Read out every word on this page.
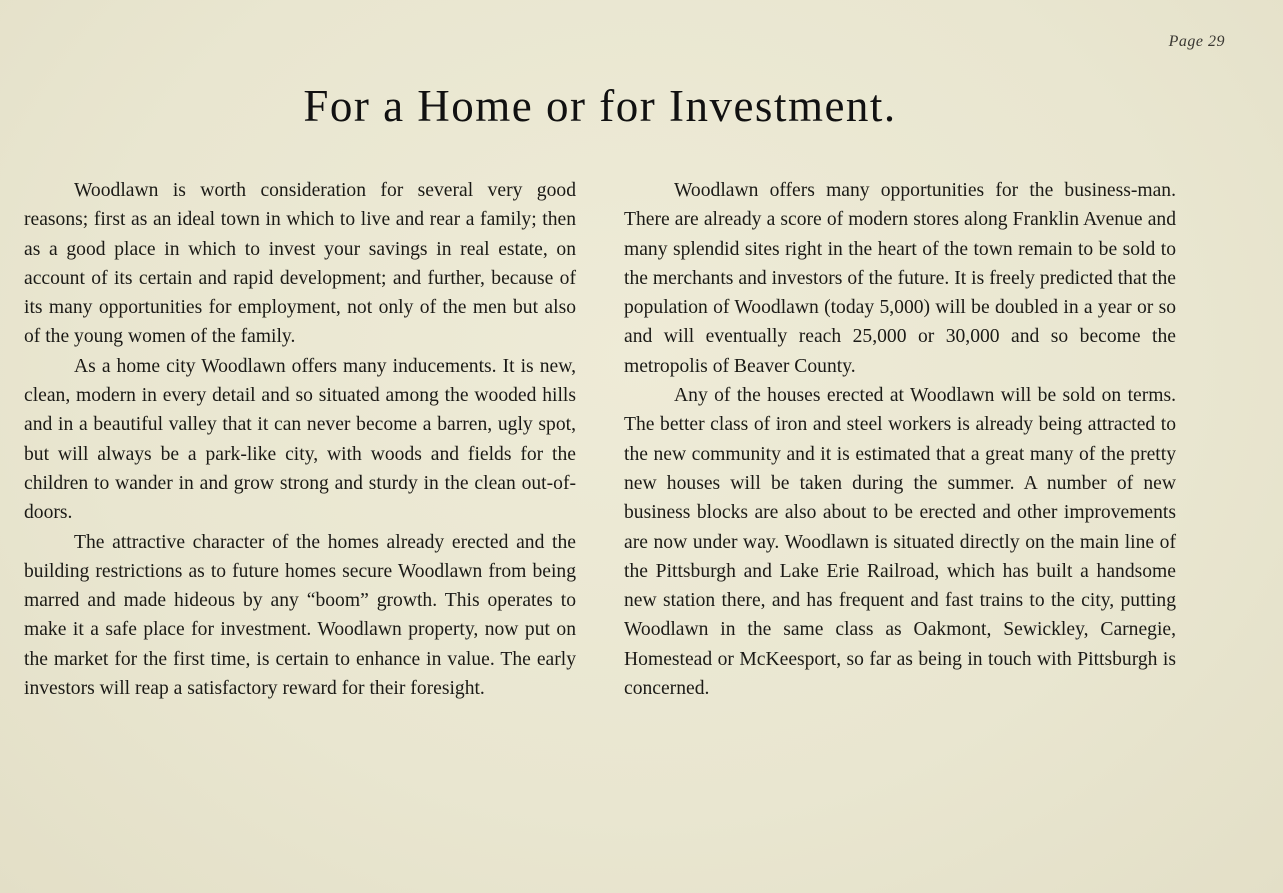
Page 29
For a Home or for Investment.

Woodlawn is worth consideration for several very good reasons; first as an ideal town in which to live and rear a family; then as a good place in which to invest your savings in real estate, on account of its certain and rapid development; and further, because of its many opportunities for employment, not only of the men but also of the young women of the family.

As a home city Woodlawn offers many inducements. It is new, clean, modern in every detail and so situated among the wooded hills and in a beautiful valley that it can never become a barren, ugly spot, but will always be a park-like city, with woods and fields for the children to wander in and grow strong and sturdy in the clean out-of-doors.

The attractive character of the homes already erected and the building restrictions as to future homes secure Woodlawn from being marred and made hideous by any “boom” growth. This operates to make it a safe place for investment. Woodlawn property, now put on the market for the first time, is certain to enhance in value. The early investors will reap a satisfactory reward for their foresight.

Woodlawn offers many opportunities for the business-man. There are already a score of modern stores along Franklin Avenue and many splendid sites right in the heart of the town remain to be sold to the merchants and investors of the future. It is freely predicted that the population of Woodlawn (today 5,000) will be doubled in a year or so and will eventually reach 25,000 or 30,000 and so become the metropolis of Beaver County.

Any of the houses erected at Woodlawn will be sold on terms. The better class of iron and steel workers is already being attracted to the new community and it is estimated that a great many of the pretty new houses will be taken during the summer. A number of new business blocks are also about to be erected and other improvements are now under way. Woodlawn is situated directly on the main line of the Pittsburgh and Lake Erie Railroad, which has built a handsome new station there, and has frequent and fast trains to the city, putting Woodlawn in the same class as Oakmont, Sewickley, Carnegie, Homestead or McKeesport, so far as being in touch with Pittsburgh is concerned.
